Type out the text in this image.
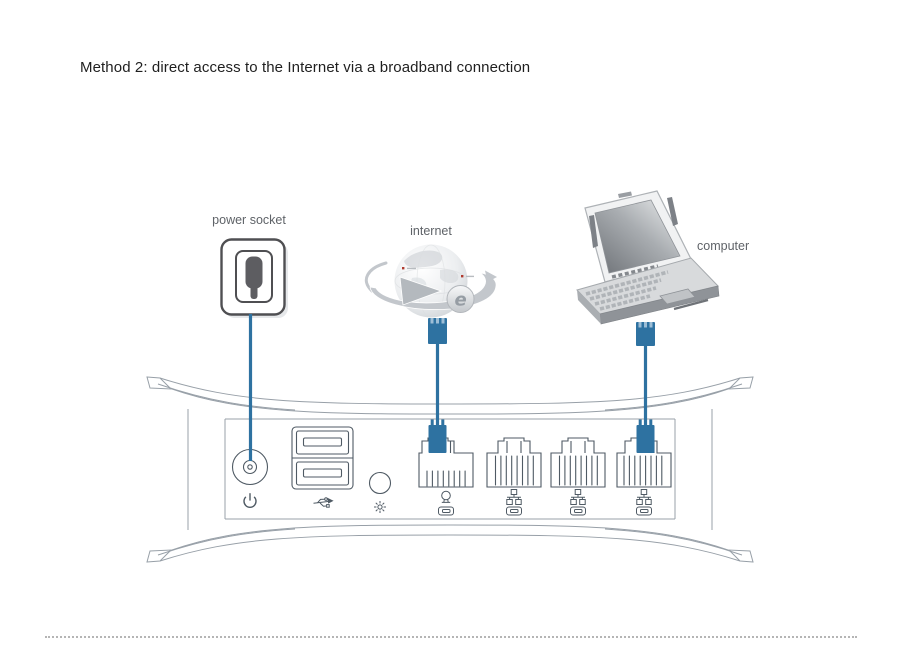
Method 2: direct access to the Internet via a broadband connection
power socket
internet
computer
e
